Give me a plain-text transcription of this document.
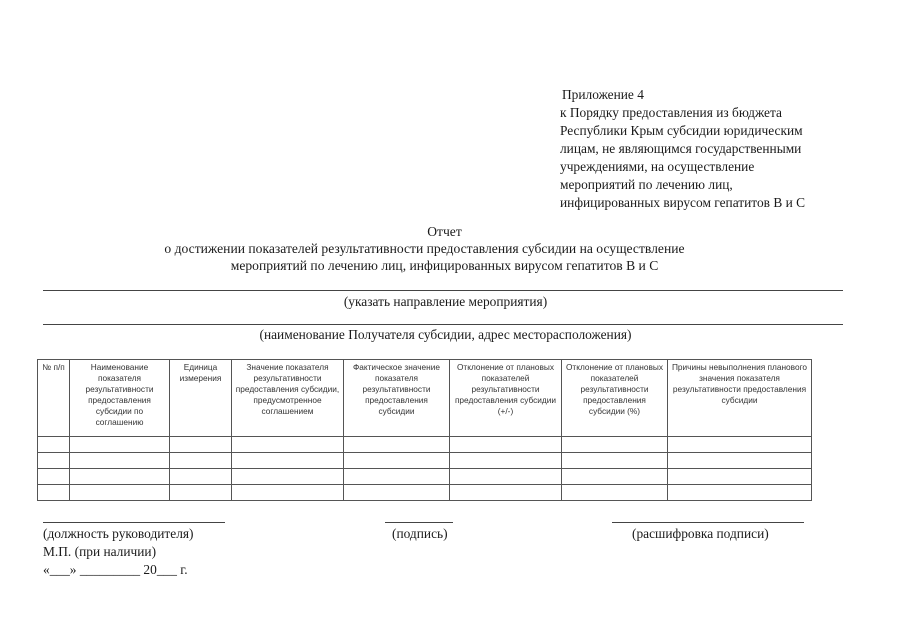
Приложение 4
к Порядку предоставления из бюджета
Республики Крым субсидии юридическим
лицам, не являющимся государственными
учреждениями, на осуществление
мероприятий по лечению лиц,
инфицированных вирусом гепатитов В и С
Отчет
о достижении показателей результативности предоставления субсидии на осуществление
мероприятий по лечению лиц, инфицированных вирусом гепатитов В и С
(указать направление мероприятия)
(наименование Получателя субсидии, адрес месторасположения)
№ п/п	Наименование показателя результативности предоставления субсидии по соглашению	Единица измерения	Значение показателя результативности предоставления субсидии, предусмотренное соглашением	Фактическое значение показателя результативности предоставления субсидии	Отклонение от плановых показателей результативности предоставления субсидии (+/-)	Отклонение от плановых показателей результативности предоставления субсидии (%)	Причины невыполнения планового значения показателя результативности предоставления субсидии

(должность руководителя)	(подпись)	(расшифровка подписи)
М.П. (при наличии)
«___» _________ 20___ г.
